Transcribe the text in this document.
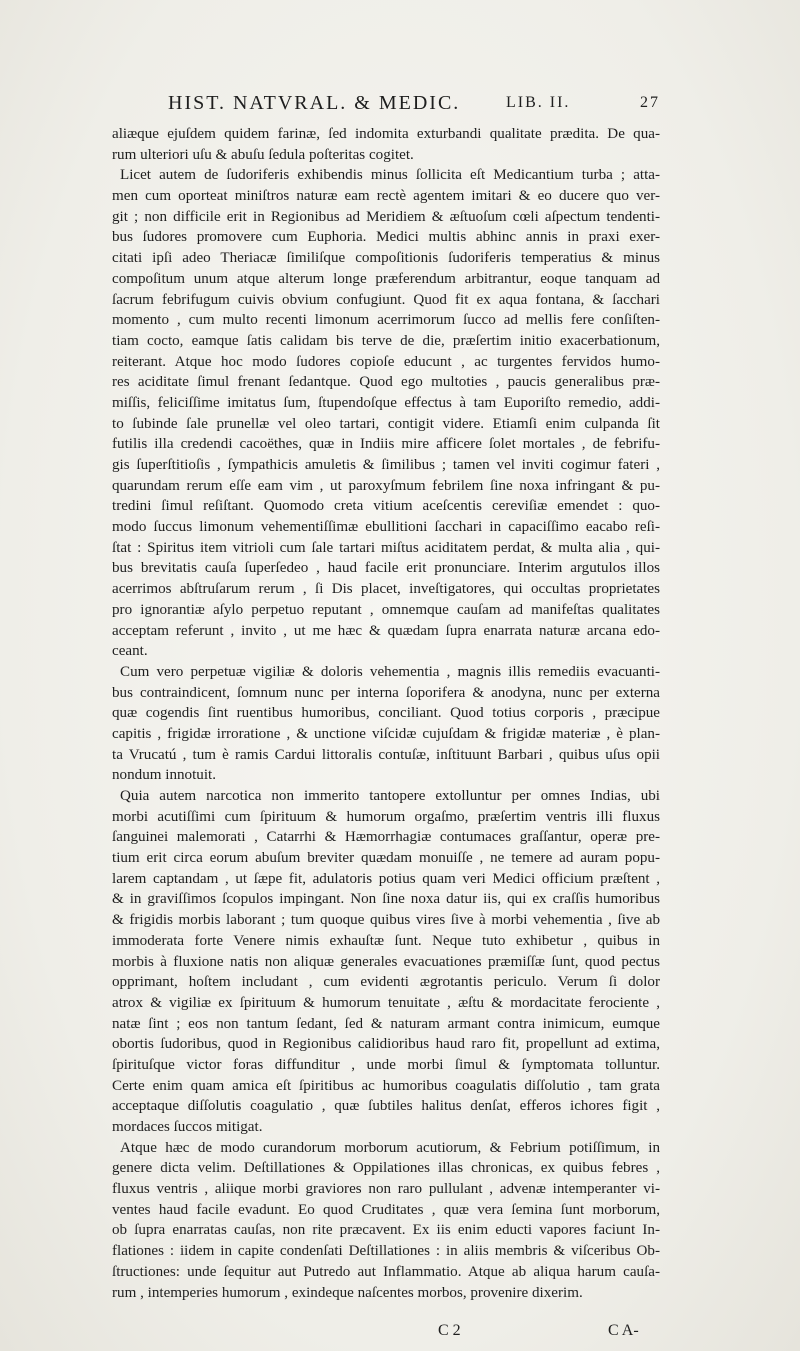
HIST. NATVRAL. & MEDIC.	LIB. II.	27
aliæque ejuſdem quidem farinæ, ſed indomita exturbandi qualitate prædita. De qua-
rum ulteriori uſu & abuſu ſedula poſteritas cogitet.
Licet autem de ſudoriferis exhibendis minus ſollicita eſt Medicantium turba ; atta-
men cum oporteat miniſtros naturæ eam rectè agentem imitari & eo ducere quo ver-
git ; non difficile erit in Regionibus ad Meridiem & æſtuoſum cœli aſpectum tendenti-
bus ſudores promovere cum Euphoria. Medici multis abhinc annis in praxi exer-
citati ipſi adeo Theriacæ ſimiliſque compoſitionis ſudoriferis temperatius & minus
compoſitum unum atque alterum longe præferendum arbitrantur, eoque tanquam ad
ſacrum febrifugum cuivis obvium confugiunt. Quod fit ex aqua fontana, & ſacchari
momento , cum multo recenti limonum acerrimorum ſucco ad mellis fere conſiſten-
tiam coctο, eamque ſatis calidam bis terve de die, præſertim initio exacerbationum,
reiterant. Atque hoc modo ſudores copioſe educunt , ac turgentes fervidos humo-
res aciditate ſimul frenant ſedantque. Quod ego multoties , paucis generalibus præ-
miſſis, feliciſſime imitatus ſum, ſtupendoſque effectus à tam Euporiſto remedio, addi-
to ſubinde ſale prunellæ vel oleo tartari, contigit videre. Etiamſi enim culpanda ſit
futilis illa credendi cacoëthes, quæ in Indiis mire afficere ſolet mortales , de febrifu-
gis ſuperſtitioſis , ſympathicis amuletis & ſimilibus ; tamen vel inviti cogimur fateri ,
quarundam rerum eſſe eam vim , ut paroxyſmum febrilem ſine noxa infringant & pu-
tredini ſimul reſiſtant. Quomodo creta vitium aceſcentis cereviſiæ emendet : quo-
modo ſuccus limonum vehementiſſimæ ebullitioni ſacchari in capaciſſimo eacabo reſi-
ſtat : Spiritus item vitrioli cum ſale tartari miſtus aciditatem perdat, & multa alia , qui-
bus brevitatis cauſa ſuperſedeo , haud facile erit pronunciare. Interim argutulos illos
acerrimos abſtruſarum rerum , ſi Dis placet, inveſtigatores, qui occultas proprietates
pro ignorantiæ aſylo perpetuo reputant , omnemque cauſam ad manifeſtas qualitates
acceptam referunt , invito , ut me hæc & quædam ſupra enarrata naturæ arcana edo-
ceant.
Cum vero perpetuæ vigiliæ & doloris vehementia , magnis illis remediis evacuanti-
bus contraindicent, ſomnum nunc per interna ſoporifera & anodyna, nunc per externa
quæ cogendis ſint ruentibus humoribus, conciliant. Quod totius corporis , præcipue
capitis , frigidæ irroratione , & unctione viſcidæ cujuſdam & frigidæ materiæ , è plan-
ta Vrucatú , tum è ramis Cardui littoralis contuſæ, inſtituunt Barbari , quibus uſus opii
nondum innotuit.
Quia autem narcotica non immerito tantopere extolluntur per omnes Indias, ubi
morbi acutiſſimi cum ſpirituum & humorum orgaſmo, præſertim ventris illi fluxus
ſanguinei malemorati , Catarrhi & Hæmorrhagiæ contumaces graſſantur, operæ pre-
tium erit circa eorum abuſum breviter quædam monuiſſe , ne temere ad auram popu-
larem captandam , ut ſæpe fit, adulatoris potius quam veri Medici officium præſtent ,
& in graviſſimos ſcopulos impingant. Non ſine noxa datur iis, qui ex craſſis humoribus
& frigidis morbis laborant ; tum quoque quibus vires ſive à morbi vehementia , ſive ab
immoderata forte Venere nimis exhauſtæ ſunt. Neque tuto exhibetur , quibus in
morbis à fluxione natis non aliquæ generales evacuationes præmiſſæ ſunt, quod pectus
opprimant, hoſtem includant , cum evidenti ægrotantis periculo. Verum ſi dolor
atrox & vigiliæ ex ſpirituum & humorum tenuitate , æſtu & mordacitate ferociente ,
natæ ſint ; eos non tantum ſedant, ſed & naturam armant contra inimicum, eumque
obortis ſudoribus, quod in Regionibus calidioribus haud raro fit, propellunt ad extima,
ſpirituſque victor foras diffunditur , unde morbi ſimul & ſymptomata tolluntur.
Certe enim quam amica eſt ſpiritibus ac humoribus coagulatis diſſolutio , tam grata
acceptaque diſſolutis coagulatio , quæ ſubtiles halitus denſat, efferos ichores figit ,
mordaces ſuccos mitigat.
Atque hæc de modo curandorum morborum acutiorum, & Febrium potiſſimum, in
genere dicta velim. Deſtillationes & Oppilationes illas chronicas, ex quibus febres ,
fluxus ventris , aliique morbi graviores non raro pullulant , advenæ intemperanter vi-
ventes haud facile evadunt. Eo quod Cruditates , quæ vera ſemina ſunt morborum,
ob ſupra enarratas cauſas, non rite præcavent. Ex iis enim educti vapores faciunt In-
flationes : iidem in capite condenſati Deſtillationes : in aliis membris & viſceribus Ob-
ſtructiones: unde ſequitur aut Putredo aut Inflammatio. Atque ab aliqua harum cauſa-
rum , intemperies humorum , exindeque naſcentes morbos, provenire dixerim.
C 2	C A-
